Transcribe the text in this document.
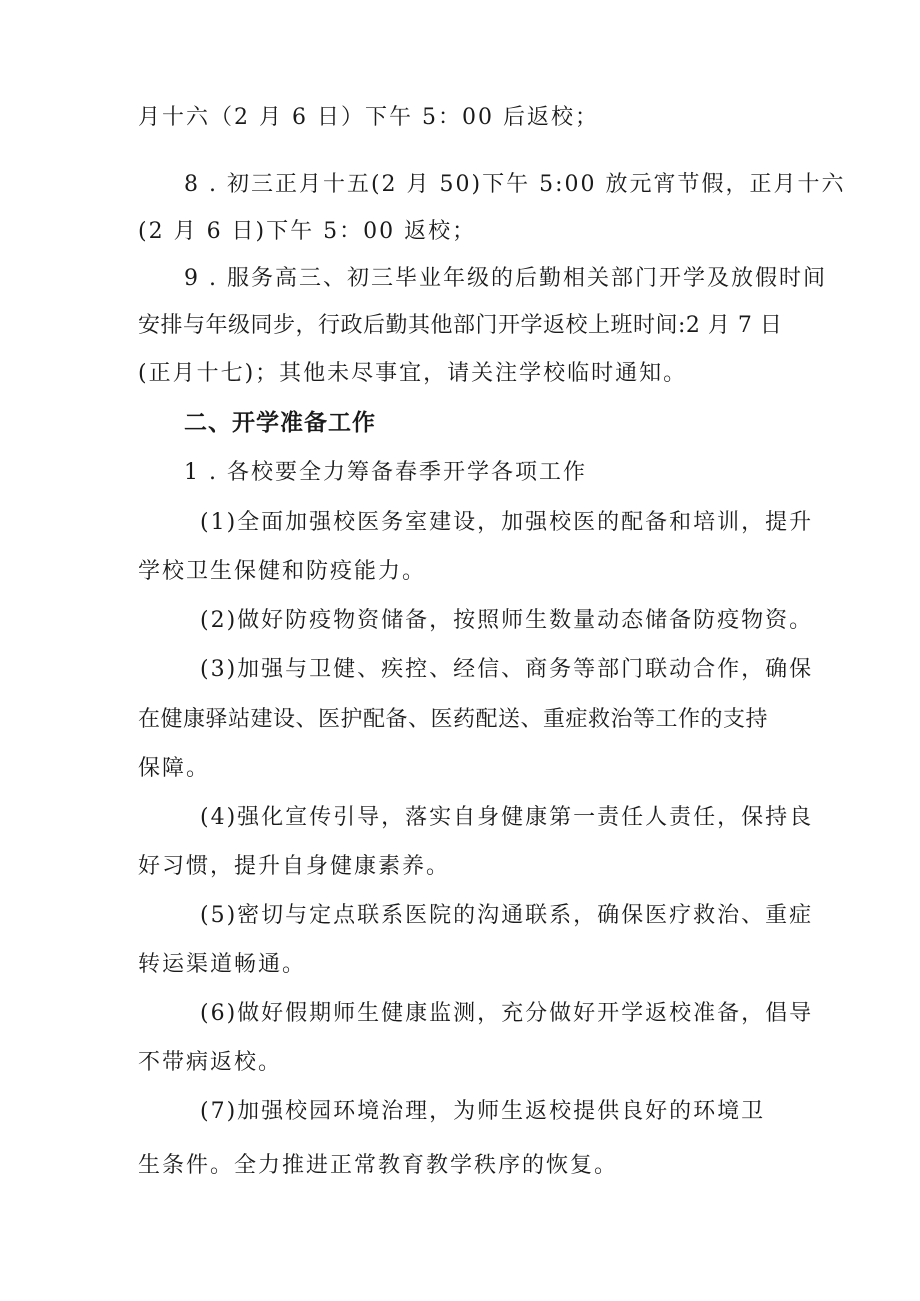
月十六（2 月 6 日）下午 5：00 后返校；
8 . 初三正月十五(2 月 50)下午 5:00 放元宵节假，正月十六
(2 月 6 日)下午 5：00 返校；
9 . 服务高三、初三毕业年级的后勤相关部门开学及放假时间
安排与年级同步，行政后勤其他部门开学返校上班时间:2 月 7 日
(正月十七)；其他未尽事宜，请关注学校临时通知。
二、开学准备工作
1 . 各校要全力筹备春季开学各项工作
(1)全面加强校医务室建设，加强校医的配备和培训，提升
学校卫生保健和防疫能力。
(2)做好防疫物资储备，按照师生数量动态储备防疫物资。
(3)加强与卫健、疾控、经信、商务等部门联动合作，确保
在健康驿站建设、医护配备、医药配送、重症救治等工作的支持
保障。
(4)强化宣传引导，落实自身健康第一责任人责任，保持良
好习惯，提升自身健康素养。
(5)密切与定点联系医院的沟通联系，确保医疗救治、重症
转运渠道畅通。
(6)做好假期师生健康监测，充分做好开学返校准备，倡导
不带病返校。
(7)加强校园环境治理，为师生返校提供良好的环境卫
生条件。全力推进正常教育教学秩序的恢复。
